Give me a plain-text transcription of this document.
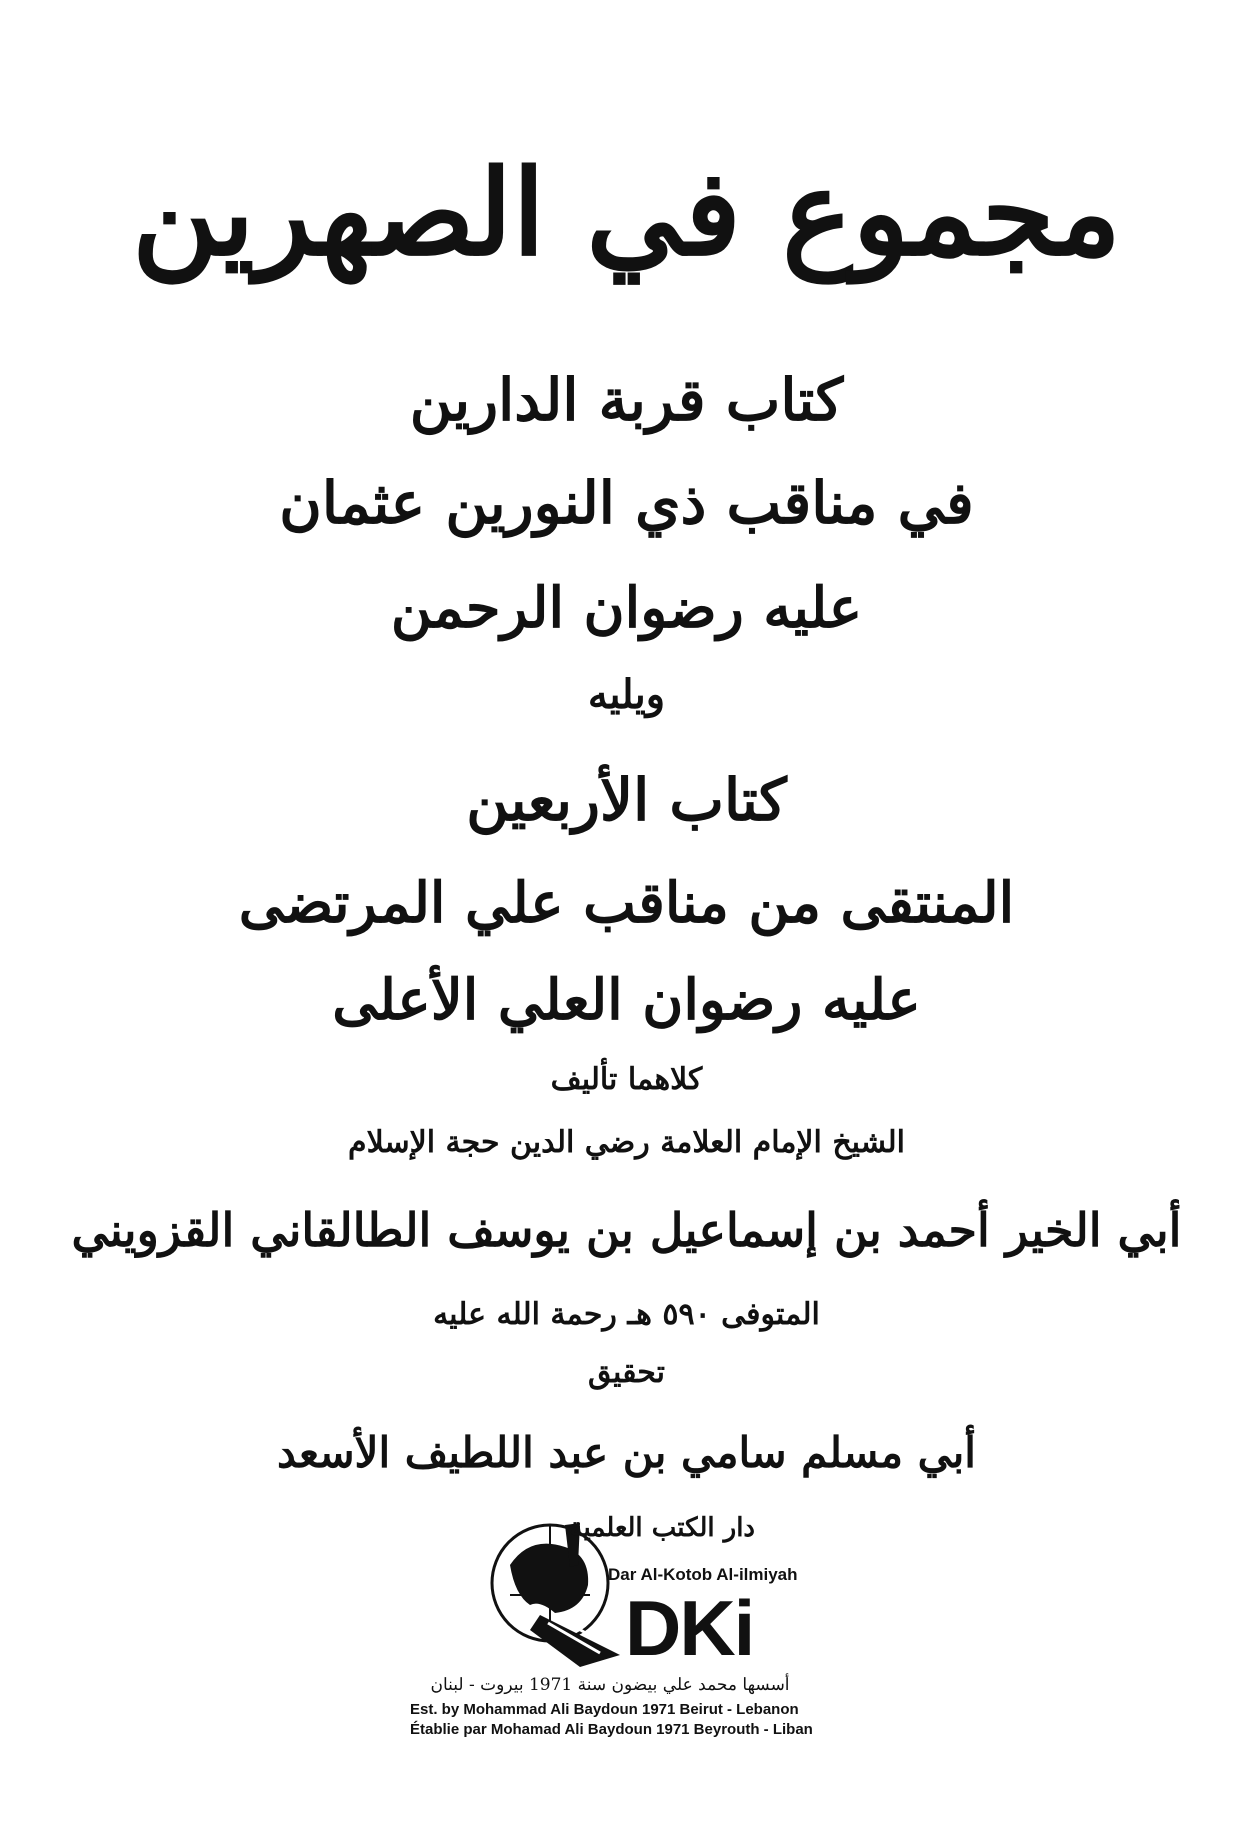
مجموع في الصهرين
كتاب قربة الدارين
في مناقب ذي النورين عثمان
عليه رضوان الرحمن
ويليه
كتاب الأربعين
المنتقى من مناقب علي المرتضى
عليه رضوان العلي الأعلى
كلاهما تأليف
الشيخ الإمام العلامة رضي الدين حجة الإسلام
أبي الخير أحمد بن إسماعيل بن يوسف الطالقاني القزويني
المتوفى ٥٩٠ هـ رحمة الله عليه
تحقيق
أبي مسلم سامي بن عبد اللطيف الأسعد
دار الكتب العلمية
Dar Al-Kotob Al-ilmiyah
DKi
أسسها محمد علي بيضون سنة 1971 بيروت - لبنان
Est. by Mohammad Ali Baydoun 1971 Beirut - Lebanon
Établie par Mohamad Ali Baydoun 1971 Beyrouth - Liban
